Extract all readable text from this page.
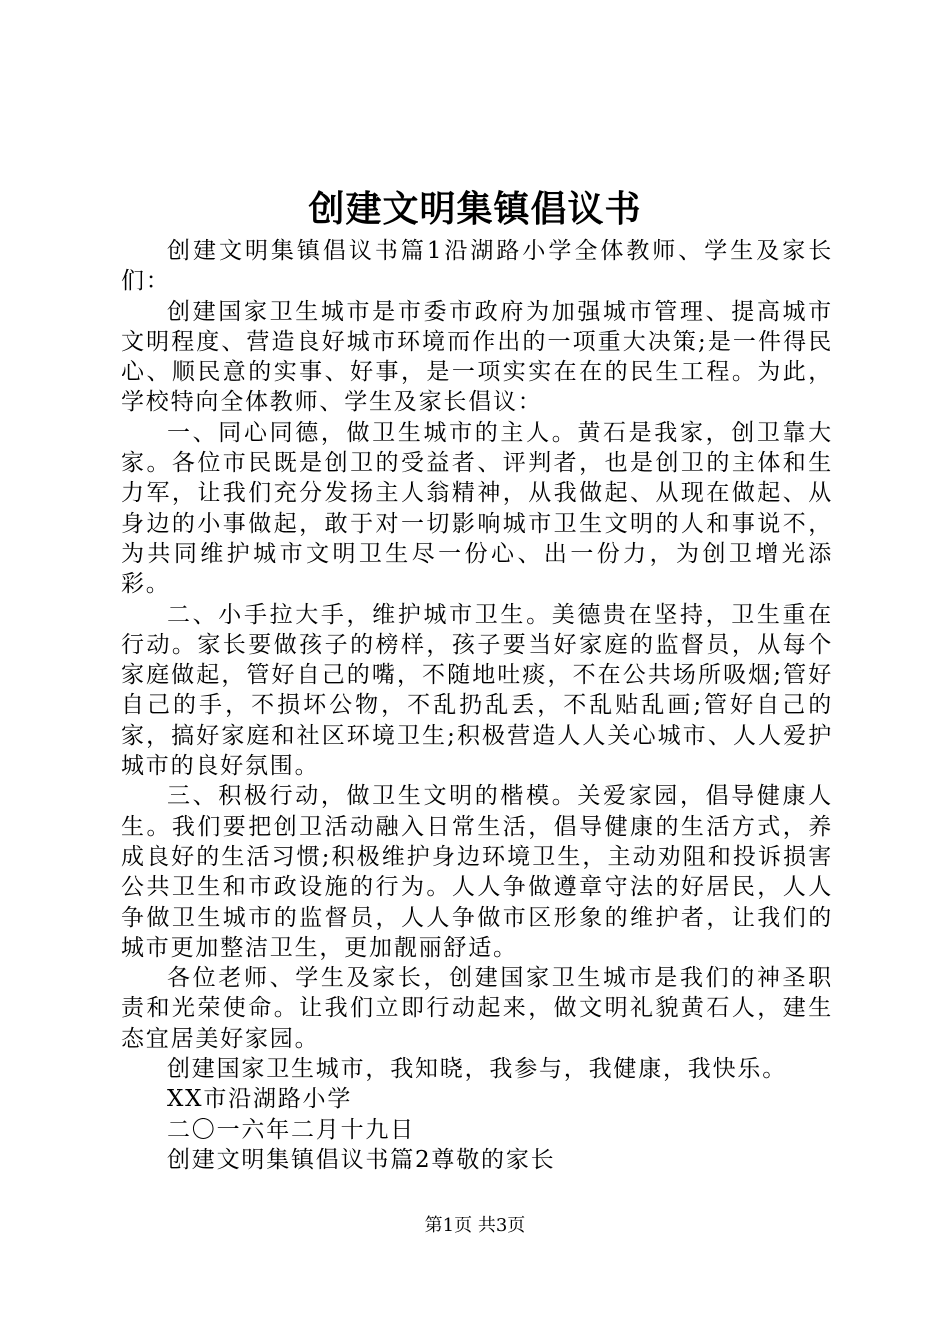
创建文明集镇倡议书

创建文明集镇倡议书篇1沿湖路小学全体教师、学生及家长们：

创建国家卫生城市是市委市政府为加强城市管理、提高城市文明程度、营造良好城市环境而作出的一项重大决策;是一件得民心、顺民意的实事、好事，是一项实实在在的民生工程。为此，学校特向全体教师、学生及家长倡议：

一、同心同德，做卫生城市的主人。黄石是我家，创卫靠大家。各位市民既是创卫的受益者、评判者，也是创卫的主体和生力军，让我们充分发扬主人翁精神，从我做起、从现在做起、从身边的小事做起，敢于对一切影响城市卫生文明的人和事说不，为共同维护城市文明卫生尽一份心、出一份力，为创卫增光添彩。

二、小手拉大手，维护城市卫生。美德贵在坚持，卫生重在行动。家长要做孩子的榜样，孩子要当好家庭的监督员，从每个家庭做起，管好自己的嘴，不随地吐痰，不在公共场所吸烟;管好自己的手，不损坏公物，不乱扔乱丢，不乱贴乱画;管好自己的家，搞好家庭和社区环境卫生;积极营造人人关心城市、人人爱护城市的良好氛围。

三、积极行动，做卫生文明的楷模。关爱家园，倡导健康人生。我们要把创卫活动融入日常生活，倡导健康的生活方式，养成良好的生活习惯;积极维护身边环境卫生，主动劝阻和投诉损害公共卫生和市政设施的行为。人人争做遵章守法的好居民，人人争做卫生城市的监督员，人人争做市区形象的维护者，让我们的城市更加整洁卫生，更加靓丽舒适。

各位老师、学生及家长，创建国家卫生城市是我们的神圣职责和光荣使命。让我们立即行动起来，做文明礼貌黄石人，建生态宜居美好家园。

创建国家卫生城市，我知晓，我参与，我健康，我快乐。

XX市沿湖路小学

二〇一六年二月十九日

创建文明集镇倡议书篇2尊敬的家长

第1页 共3页
